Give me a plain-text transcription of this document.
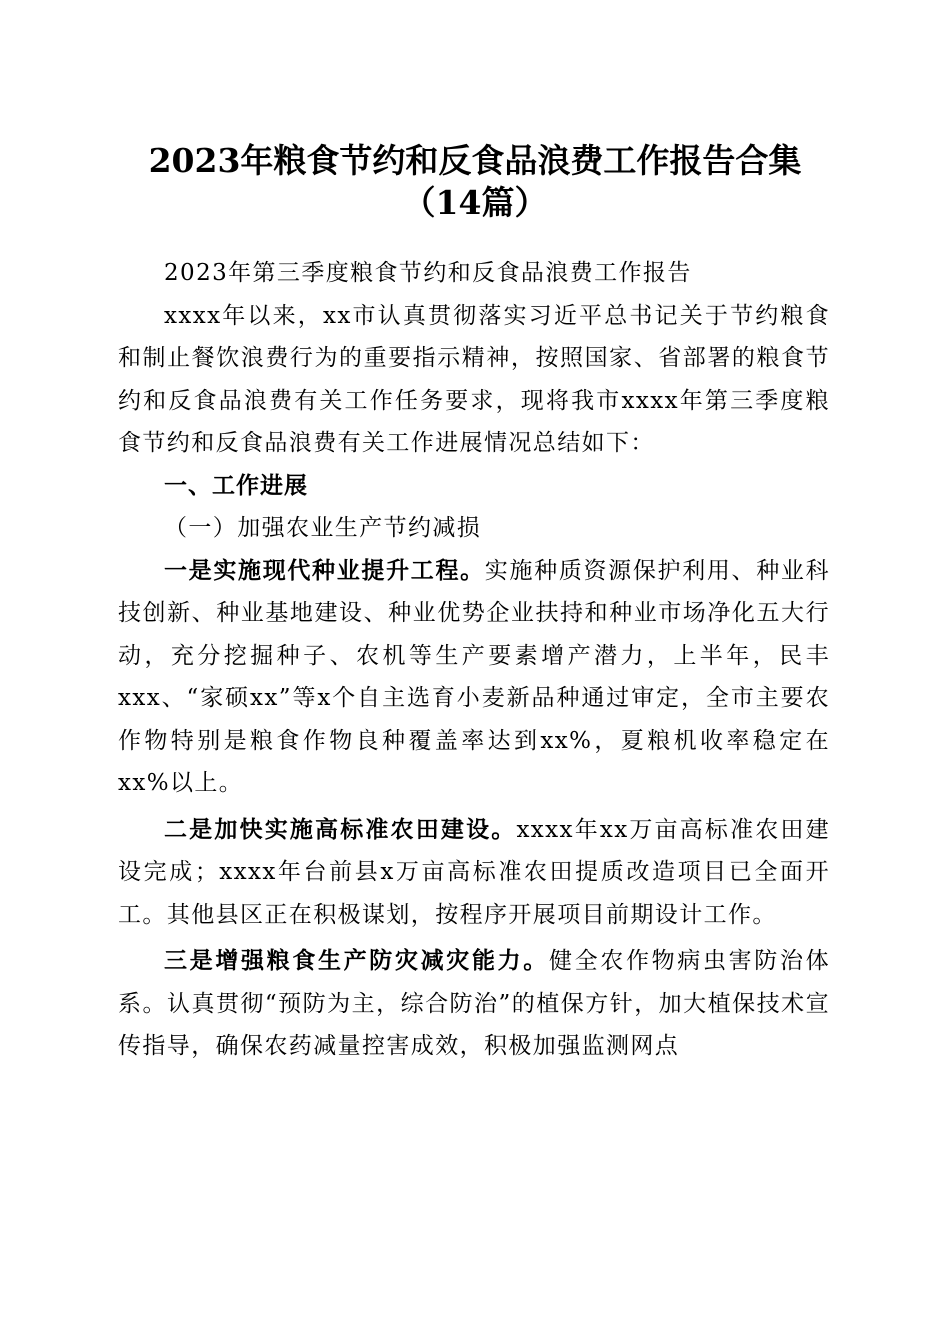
2023年粮食节约和反食品浪费工作报告合集
（14篇）

2023年第三季度粮食节约和反食品浪费工作报告

xxxx年以来，xx市认真贯彻落实习近平总书记关于节约粮食和制止餐饮浪费行为的重要指示精神，按照国家、省部署的粮食节约和反食品浪费有关工作任务要求，现将我市xxxx年第三季度粮食节约和反食品浪费有关工作进展情况总结如下：

一、工作进展

（一）加强农业生产节约减损

一是实施现代种业提升工程。实施种质资源保护利用、种业科技创新、种业基地建设、种业优势企业扶持和种业市场净化五大行动，充分挖掘种子、农机等生产要素增产潜力，上半年，民丰xxx、“家硕xx”等x个自主选育小麦新品种通过审定，全市主要农作物特别是粮食作物良种覆盖率达到xx%，夏粮机收率稳定在xx%以上。

二是加快实施高标准农田建设。xxxx年xx万亩高标准农田建设完成；xxxx年台前县x万亩高标准农田提质改造项目已全面开工。其他县区正在积极谋划，按程序开展项目前期设计工作。

三是增强粮食生产防灾减灾能力。健全农作物病虫害防治体系。认真贯彻“预防为主，综合防治”的植保方针，加大植保技术宣传指导，确保农药减量控害成效，积极加强监测网点
